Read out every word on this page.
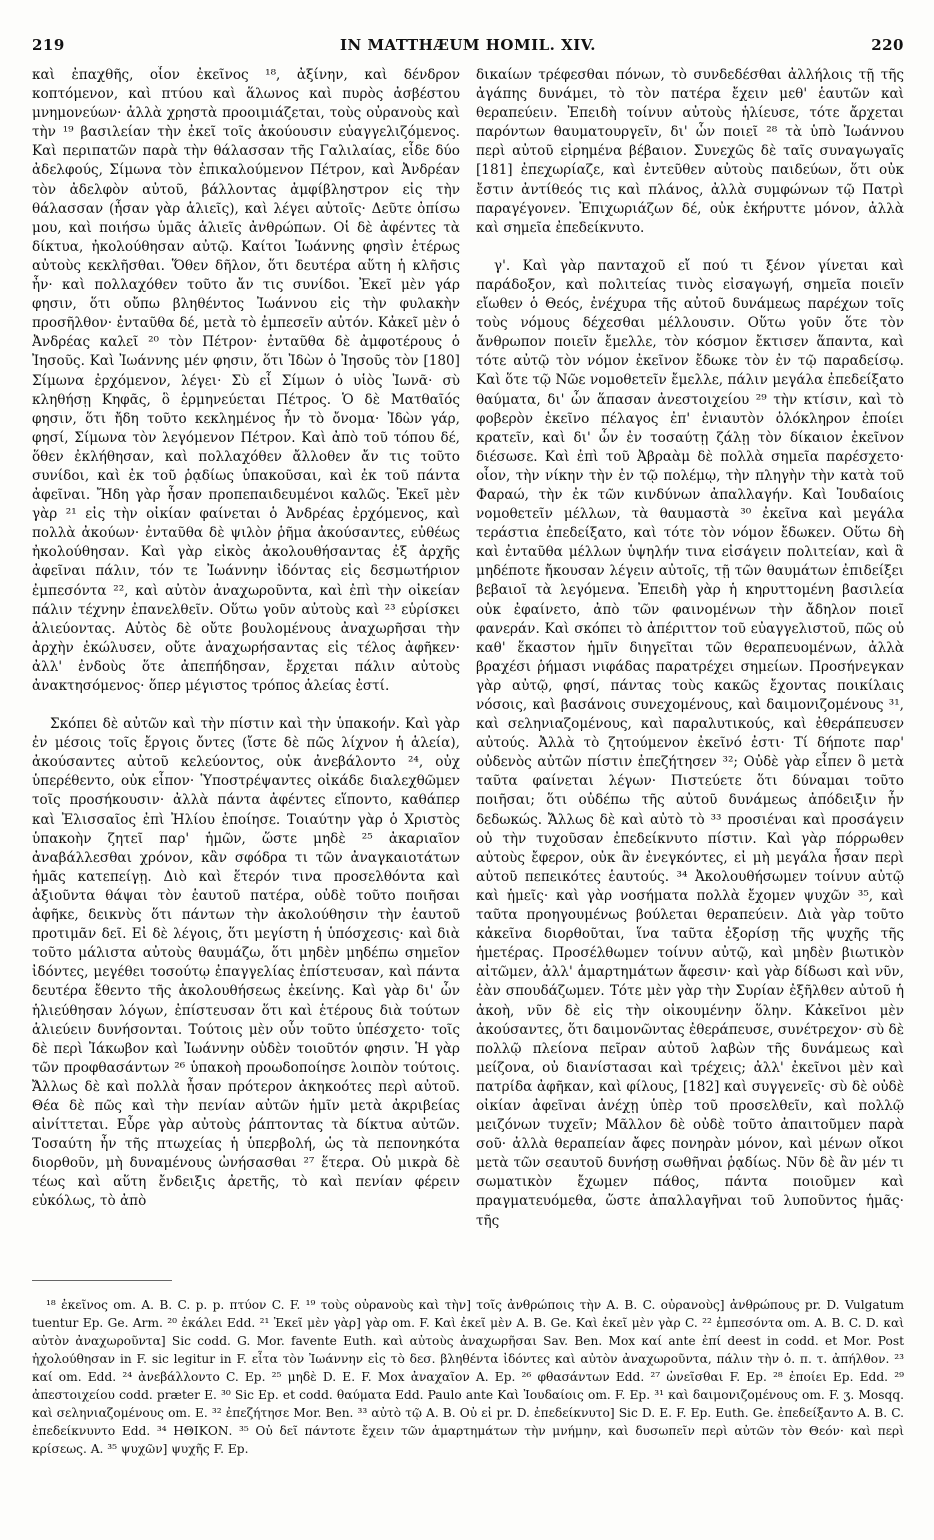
219	IN MATTHÆUM HOMIL. XIV.	220

καὶ ἐπαχθῆς, οἷον ἐκεῖνος ¹⁸, ἀξίνην, καὶ δένδρον κοπτόμενον, καὶ πτύου καὶ ἅλωνος καὶ πυρὸς ἀσβέστου μνημονεύων· ἀλλὰ χρηστὰ προοιμιάζεται, τοὺς οὐρανοὺς καὶ τὴν ¹⁹ βασιλείαν τὴν ἐκεῖ τοῖς ἀκούουσιν εὐαγγελιζόμενος. Καὶ περιπατῶν παρὰ τὴν θάλασσαν τῆς Γαλιλαίας, εἶδε δύο ἀδελφούς, Σίμωνα τὸν ἐπικαλούμενον Πέτρον, καὶ Ἀνδρέαν τὸν ἀδελφὸν αὐτοῦ, βάλλοντας ἀμφίβληστρον εἰς τὴν θάλασσαν (ἦσαν γὰρ ἁλιεῖς), καὶ λέγει αὐτοῖς· Δεῦτε ὀπίσω μου, καὶ ποιήσω ὑμᾶς ἁλιεῖς ἀνθρώπων. Οἱ δὲ ἀφέντες τὰ δίκτυα, ἠκολούθησαν αὐτῷ. Καίτοι Ἰωάννης φησὶν ἑτέρως αὐτοὺς κεκλῆσθαι. Ὅθεν δῆλον, ὅτι δευτέρα αὕτη ἡ κλῆσις ἦν· καὶ πολλαχόθεν τοῦτο ἄν τις συνίδοι. Ἐκεῖ μὲν γάρ φησιν, ὅτι οὔπω βληθέντος Ἰωάννου εἰς τὴν φυλακὴν προσῆλθον· ἐνταῦθα δέ, μετὰ τὸ ἐμπεσεῖν αὐτόν. Κἀκεῖ μὲν ὁ Ἀνδρέας καλεῖ ²⁰ τὸν Πέτρον· ἐνταῦθα δὲ ἀμφοτέρους ὁ Ἰησοῦς. Καὶ Ἰωάννης μέν φησιν, ὅτι Ἰδὼν ὁ Ἰησοῦς τὸν [180] Σίμωνα ἐρχόμενον, λέγει· Σὺ εἶ Σίμων ὁ υἱὸς Ἰωνᾶ· σὺ κληθήσῃ Κηφᾶς, ὃ ἑρμηνεύεται Πέτρος. Ὁ δὲ Ματθαῖός φησιν, ὅτι ἤδη τοῦτο κεκλημένος ἦν τὸ ὄνομα· Ἰδὼν γάρ, φησί, Σίμωνα τὸν λεγόμενον Πέτρον. Καὶ ἀπὸ τοῦ τόπου δέ, ὅθεν ἐκλήθησαν, καὶ πολλαχόθεν ἄλλοθεν ἄν τις τοῦτο συνίδοι, καὶ ἐκ τοῦ ῥᾳδίως ὑπακοῦσαι, καὶ ἐκ τοῦ πάντα ἀφεῖναι. Ἤδη γὰρ ἦσαν προπεπαιδευμένοι καλῶς. Ἐκεῖ μὲν γὰρ ²¹ εἰς τὴν οἰκίαν φαίνεται ὁ Ἀνδρέας ἐρχόμενος, καὶ πολλὰ ἀκούων· ἐνταῦθα δὲ ψιλὸν ῥῆμα ἀκούσαντες, εὐθέως ἠκολούθησαν. Καὶ γὰρ εἰκὸς ἀκολουθήσαντας ἐξ ἀρχῆς ἀφεῖναι πάλιν, τόν τε Ἰωάννην ἰδόντας εἰς δεσμωτήριον ἐμπεσόντα ²², καὶ αὐτὸν ἀναχωροῦντα, καὶ ἐπὶ τὴν οἰκείαν πάλιν τέχνην ἐπανελθεῖν. Οὕτω γοῦν αὐτοὺς καὶ ²³ εὑρίσκει ἁλιεύοντας. Αὐτὸς δὲ οὔτε βουλομένους ἀναχωρῆσαι τὴν ἀρχὴν ἐκώλυσεν, οὔτε ἀναχωρήσαντας εἰς τέλος ἀφῆκεν· ἀλλ' ἐνδοὺς ὅτε ἀπεπήδησαν, ἔρχεται πάλιν αὐτοὺς ἀνακτησόμενος· ὅπερ μέγιστος τρόπος ἁλείας ἐστί.

Σκόπει δὲ αὐτῶν καὶ τὴν πίστιν καὶ τὴν ὑπακοήν. Καὶ γὰρ ἐν μέσοις τοῖς ἔργοις ὄντες (ἴστε δὲ πῶς λίχνον ἡ ἁλεία), ἀκούσαντες αὐτοῦ κελεύοντος, οὐκ ἀνεβάλοντο ²⁴, οὐχ ὑπερέθεντο, οὐκ εἶπον· Ὑποστρέψαντες οἰκάδε διαλεχθῶμεν τοῖς προσήκουσιν· ἀλλὰ πάντα ἀφέντες εἵποντο, καθάπερ καὶ Ἐλισσαῖος ἐπὶ Ἠλίου ἐποίησε. Τοιαύτην γὰρ ὁ Χριστὸς ὑπακοὴν ζητεῖ παρ' ἡμῶν, ὥστε μηδὲ ²⁵ ἀκαριαῖον ἀναβάλλεσθαι χρόνον, κἂν σφόδρα τι τῶν ἀναγκαιοτάτων ἡμᾶς κατεπείγῃ. Διὸ καὶ ἕτερόν τινα προσελθόντα καὶ ἀξιοῦντα θάψαι τὸν ἑαυτοῦ πατέρα, οὐδὲ τοῦτο ποιῆσαι ἀφῆκε, δεικνὺς ὅτι πάντων τὴν ἀκολούθησιν τὴν ἑαυτοῦ προτιμᾶν δεῖ. Εἰ δὲ λέγοις, ὅτι μεγίστη ἡ ὑπόσχεσις· καὶ διὰ τοῦτο μάλιστα αὐτοὺς θαυμάζω, ὅτι μηδὲν μηδέπω σημεῖον ἰδόντες, μεγέθει τοσούτῳ ἐπαγγελίας ἐπίστευσαν, καὶ πάντα δευτέρα ἔθεντο τῆς ἀκολουθήσεως ἐκείνης. Καὶ γὰρ δι' ὧν ἡλιεύθησαν λόγων, ἐπίστευσαν ὅτι καὶ ἑτέρους διὰ τούτων ἁλιεύειν δυνήσονται. Τούτοις μὲν οὖν τοῦτο ὑπέσχετο· τοῖς δὲ περὶ Ἰάκωβον καὶ Ἰωάννην οὐδὲν τοιοῦτόν φησιν. Ἡ γὰρ τῶν προφθασάντων ²⁶ ὑπακοὴ προωδοποίησε λοιπὸν τούτοις. Ἄλλως δὲ καὶ πολλὰ ἦσαν πρότερον ἀκηκοότες περὶ αὐτοῦ. Θέα δὲ πῶς καὶ τὴν πενίαν αὐτῶν ἡμῖν μετὰ ἀκριβείας αἰνίττεται. Εὗρε γὰρ αὐτοὺς ῥάπτοντας τὰ δίκτυα αὐτῶν. Τοσαύτη ἦν τῆς πτωχείας ἡ ὑπερβολή, ὡς τὰ πεπονηκότα διορθοῦν, μὴ δυναμένους ὠνήσασθαι ²⁷ ἕτερα. Οὐ μικρὰ δὲ τέως καὶ αὕτη ἔνδειξις ἀρετῆς, τὸ καὶ πενίαν φέρειν εὐκόλως, τὸ ἀπὸ

δικαίων τρέφεσθαι πόνων, τὸ συνδεδέσθαι ἀλλήλοις τῇ τῆς ἀγάπης δυνάμει, τὸ τὸν πατέρα ἔχειν μεθ' ἑαυτῶν καὶ θεραπεύειν. Ἐπειδὴ τοίνυν αὐτοὺς ἡλίευσε, τότε ἄρχεται παρόντων θαυματουργεῖν, δι' ὧν ποιεῖ ²⁸ τὰ ὑπὸ Ἰωάννου περὶ αὐτοῦ εἰρημένα βέβαιον. Συνεχῶς δὲ ταῖς συναγωγαῖς [181] ἐπεχωρίαζε, καὶ ἐντεῦθεν αὐτοὺς παιδεύων, ὅτι οὐκ ἔστιν ἀντίθεός τις καὶ πλάνος, ἀλλὰ συμφώνων τῷ Πατρὶ παραγέγονεν. Ἐπιχωριάζων δέ, οὐκ ἐκήρυττε μόνον, ἀλλὰ καὶ σημεῖα ἐπεδείκνυτο.

γ'. Καὶ γὰρ πανταχοῦ εἴ πού τι ξένον γίνεται καὶ παράδοξον, καὶ πολιτείας τινὸς εἰσαγωγή, σημεῖα ποιεῖν εἴωθεν ὁ Θεός, ἐνέχυρα τῆς αὐτοῦ δυνάμεως παρέχων τοῖς τοὺς νόμους δέχεσθαι μέλλουσιν. Οὕτω γοῦν ὅτε τὸν ἄνθρωπον ποιεῖν ἔμελλε, τὸν κόσμον ἔκτισεν ἅπαντα, καὶ τότε αὐτῷ τὸν νόμον ἐκεῖνον ἔδωκε τὸν ἐν τῷ παραδείσῳ. Καὶ ὅτε τῷ Νῶε νομοθετεῖν ἔμελλε, πάλιν μεγάλα ἐπεδείξατο θαύματα, δι' ὧν ἅπασαν ἀνεστοιχείου ²⁹ τὴν κτίσιν, καὶ τὸ φοβερὸν ἐκεῖνο πέλαγος ἐπ' ἐνιαυτὸν ὁλόκληρον ἐποίει κρατεῖν, καὶ δι' ὧν ἐν τοσαύτῃ ζάλῃ τὸν δίκαιον ἐκεῖνον διέσωσε. Καὶ ἐπὶ τοῦ Ἀβραὰμ δὲ πολλὰ σημεῖα παρέσχετο· οἷον, τὴν νίκην τὴν ἐν τῷ πολέμῳ, τὴν πληγὴν τὴν κατὰ τοῦ Φαραώ, τὴν ἐκ τῶν κινδύνων ἀπαλλαγήν. Καὶ Ἰουδαίοις νομοθετεῖν μέλλων, τὰ θαυμαστὰ ³⁰ ἐκεῖνα καὶ μεγάλα τεράστια ἐπεδείξατο, καὶ τότε τὸν νόμον ἔδωκεν. Οὕτω δὴ καὶ ἐνταῦθα μέλλων ὑψηλήν τινα εἰσάγειν πολιτείαν, καὶ ἃ μηδέποτε ἤκουσαν λέγειν αὐτοῖς, τῇ τῶν θαυμάτων ἐπιδείξει βεβαιοῖ τὰ λεγόμενα. Ἐπειδὴ γὰρ ἡ κηρυττομένη βασιλεία οὐκ ἐφαίνετο, ἀπὸ τῶν φαινομένων τὴν ἄδηλον ποιεῖ φανεράν. Καὶ σκόπει τὸ ἀπέριττον τοῦ εὐαγγελιστοῦ, πῶς οὐ καθ' ἕκαστον ἡμῖν διηγεῖται τῶν θεραπευομένων, ἀλλὰ βραχέσι ῥήμασι νιφάδας παρατρέχει σημείων. Προσήνεγκαν γὰρ αὐτῷ, φησί, πάντας τοὺς κακῶς ἔχοντας ποικίλαις νόσοις, καὶ βασάνοις συνεχομένους, καὶ δαιμονιζομένους ³¹, καὶ σεληνιαζομένους, καὶ παραλυτικούς, καὶ ἐθεράπευσεν αὐτούς. Ἀλλὰ τὸ ζητούμενον ἐκεῖνό ἐστι· Τί δήποτε παρ' οὐδενὸς αὐτῶν πίστιν ἐπεζήτησεν ³²; Οὐδὲ γὰρ εἶπεν ὃ μετὰ ταῦτα φαίνεται λέγων· Πιστεύετε ὅτι δύναμαι τοῦτο ποιῆσαι; ὅτι οὐδέπω τῆς αὐτοῦ δυνάμεως ἀπόδειξιν ἦν δεδωκώς. Ἄλλως δὲ καὶ αὐτὸ τὸ ³³ προσιέναι καὶ προσάγειν οὐ τὴν τυχοῦσαν ἐπεδείκνυτο πίστιν. Καὶ γὰρ πόρρωθεν αὐτοὺς ἔφερον, οὐκ ἂν ἐνεγκόντες, εἰ μὴ μεγάλα ἦσαν περὶ αὐτοῦ πεπεικότες ἑαυτούς. ³⁴ Ἀκολουθήσωμεν τοίνυν αὐτῷ καὶ ἡμεῖς· καὶ γὰρ νοσήματα πολλὰ ἔχομεν ψυχῶν ³⁵, καὶ ταῦτα προηγουμένως βούλεται θεραπεύειν. Διὰ γὰρ τοῦτο κἀκεῖνα διορθοῦται, ἵνα ταῦτα ἐξορίσῃ τῆς ψυχῆς τῆς ἡμετέρας. Προσέλθωμεν τοίνυν αὐτῷ, καὶ μηδὲν βιωτικὸν αἰτῶμεν, ἀλλ' ἁμαρτημάτων ἄφεσιν· καὶ γὰρ δίδωσι καὶ νῦν, ἐὰν σπουδάζωμεν. Τότε μὲν γὰρ τὴν Συρίαν ἐξῆλθεν αὐτοῦ ἡ ἀκοὴ, νῦν δὲ εἰς τὴν οἰκουμένην ὅλην. Κἀκεῖνοι μὲν ἀκούσαντες, ὅτι δαιμονῶντας ἐθεράπευσε, συνέτρεχον· σὺ δὲ πολλῷ πλείονα πεῖραν αὐτοῦ λαβὼν τῆς δυνάμεως καὶ μείζονα, οὐ διανίστασαι καὶ τρέχεις; ἀλλ' ἐκεῖνοι μὲν καὶ πατρίδα ἀφῆκαν, καὶ φίλους, [182] καὶ συγγενεῖς· σὺ δὲ οὐδὲ οἰκίαν ἀφεῖναι ἀνέχῃ ὑπὲρ τοῦ προσελθεῖν, καὶ πολλῷ μειζόνων τυχεῖν; Μᾶλλον δὲ οὐδὲ τοῦτο ἀπαιτοῦμεν παρὰ σοῦ· ἀλλὰ θεραπείαν ἄφες πονηρὰν μόνον, καὶ μένων οἴκοι μετὰ τῶν σεαυτοῦ δυνήσῃ σωθῆναι ῥᾳδίως. Νῦν δὲ ἂν μέν τι σωματικὸν ἔχωμεν πάθος, πάντα ποιοῦμεν καὶ πραγματευόμεθα, ὥστε ἀπαλλαγῆναι τοῦ λυποῦντος ἡμᾶς· τῆς

¹⁸ ἐκεῖνος om. A. B. C. p. p. πτύον C. F. ¹⁹ τοὺς οὐρανοὺς καὶ τὴν] τοῖς ἀνθρώποις τὴν A. B. C. οὐρανοὺς] ἀνθρώπους pr. D. Vulgatum tuentur Ep. Ge. Arm. ²⁰ ἐκάλει Edd. ²¹ Ἐκεῖ μὲν γὰρ] γὰρ om. F. Καὶ ἐκεῖ μὲν A. B. Ge. Καὶ ἐκεῖ μὲν γὰρ C. ²² ἐμπεσόντα om. A. B. C. D. καὶ αὐτὸν ἀναχωροῦντα] Sic codd. G. Mor. favente Euth. καὶ αὐτοὺς ἀναχωρῆσαι Sav. Ben. Mox καί ante ἐπί deest in codd. et Mor. Post ἠχολούθησαν in F. sic legitur in F. εἶτα τὸν Ἰωάννην εἰς τὸ δεσ. βληθέντα ἰδόντες καὶ αὐτὸν ἀναχωροῦντα, πάλιν τὴν ὁ. π. τ. ἀπήλθον. ²³ καί om. Edd. ²⁴ ἀνεβάλλοντο C. Ep. ²⁵ μηδὲ D. E. F. Mox ἀναχαῖον A. Ep. ²⁶ φθασάντων Edd. ²⁷ ὠνεῖσθαι F. Ep. ²⁸ ἐποίει Ep. Edd. ²⁹ ἀπεστοιχείου codd. præter E. ³⁰ Sic Ep. et codd. θαύματα Edd. Paulo ante Καὶ Ἰουδαίοις om. F. Ep. ³¹ καὶ δαιμονιζομένους om. F. ʒ. Mosqq. καὶ σεληνιαζομένους om. E. ³² ἐπεζήτησε Mor. Ben. ³³ αὐτὸ τῷ A. B. Οὐ εἰ pr. D. ἐπεδείκνυτο] Sic D. E. F. Ep. Euth. Ge. ἐπεδείξαντο A. B. C. ἐπεδείκνυντο Edd. ³⁴ ΗΘΙΚΟΝ. ³⁵ Οὐ δεῖ πάντοτε ἔχειν τῶν ἁμαρτημάτων τὴν μνήμην, καὶ δυσωπεῖν περὶ αὐτῶν τὸν Θεόν· καὶ περὶ κρίσεως. A. ³⁵ ψυχῶν] ψυχῆς F. Ep.
